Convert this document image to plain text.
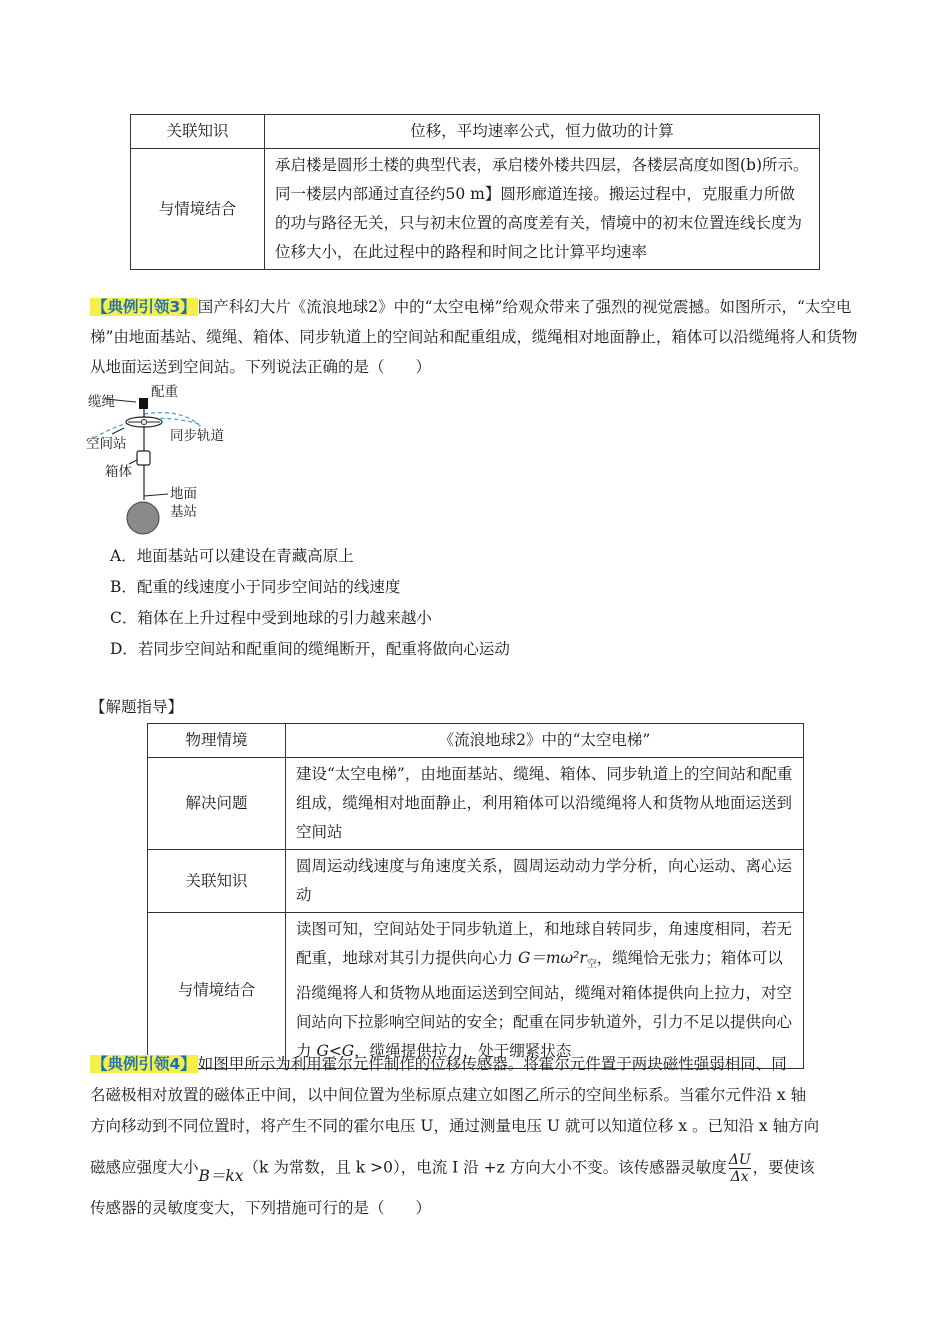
关联知识	位移，平均速率公式，恒力做功的计算
与情境结合	承启楼是圆形土楼的典型代表，承启楼外楼共四层，各楼层高度如图(b)所示。同一楼层内部通过直径约50 m】圆形廊道连接。搬运过程中，克服重力所做的功与路径无关，只与初末位置的高度差有关，情境中的初末位置连线长度为位移大小，在此过程中的路程和时间之比计算平均速率
【典例引领3】 国产科幻大片《流浪地球2》中的“太空电梯”给观众带来了强烈的视觉震撼。如图所示，“太空电梯”由地面基站、缆绳、箱体、同步轨道上的空间站和配重组成，缆绳相对地面静止，箱体可以沿缆绳将人和货物从地面运送到空间站。下列说法正确的是（　　）
缆绳
配重
空间站	同步轨道
箱体
地面
基站
A．地面基站可以建设在青藏高原上
B．配重的线速度小于同步空间站的线速度
C．箱体在上升过程中受到地球的引力越来越小
D．若同步空间站和配重间的缆绳断开，配重将做向心运动
【解题指导】
物理情境	《流浪地球2》中的“太空电梯”
解决问题	建设“太空电梯”，由地面基站、缆绳、箱体、同步轨道上的空间站和配重组成，缆绳相对地面静止，利用箱体可以沿缆绳将人和货物从地面运送到空间站
关联知识	圆周运动线速度与角速度关系，圆周运动动力学分析，向心运动、离心运动
与情境结合	读图可知，空间站处于同步轨道上，和地球自转同步，角速度相同，若无配重，地球对其引力提供向心力 $G=m\omega^2r_空$，缆绳恰无张力；箱体可以沿缆绳将人和货物从地面运送到空间站，缆绳对箱体提供向上拉力，对空间站向下拉影响空间站的安全；配重在同步轨道外，引力不足以提供向心力 G<G，缆绳提供拉力，处于绷紧状态
【典例引领4】 如图甲所示为利用霍尔元件制作的位移传感器。将霍尔元件置于两块磁性强弱相同、同
名磁极相对放置的磁体正中间，以中间位置为坐标原点建立如图乙所示的空间坐标系。当霍尔元件沿 x 轴
方向移动到不同位置时，将产生不同的霍尔电压 U，通过测量电压 U 就可以知道位移 x 。已知沿 x 轴方向
磁感应强度大小B＝kx（k 为常数，且 k >0），电流 I 沿 +z 方向大小不变。该传感器灵敏度 $\frac{\Delta U}{\Delta x}$ ，要使该
传感器的灵敏度变大，下列措施可行的是（　　）
